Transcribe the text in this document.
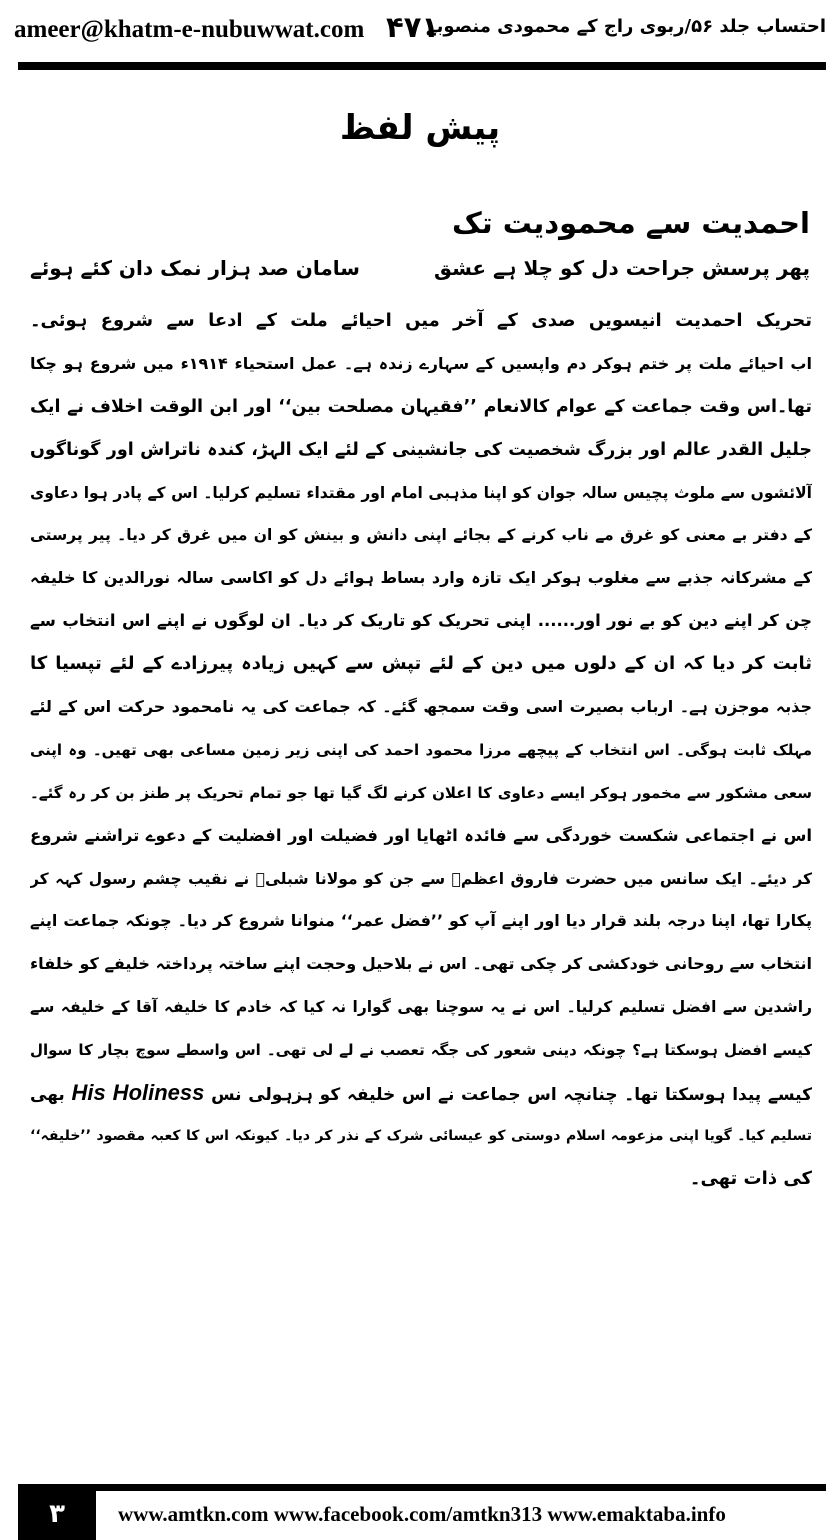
ameer@khatm-e-nubuwwat.com ۴۷۱
احتساب جلد ۵۶/ربوی راج کے محمودی منصوبے
پیش لفظ
احمدیت سے محمودیت تک
پھر پرسش جراحت دل کو چلا ہے عشق
سامان صد ہزار نمک دان کئے ہوئے
تحریک احمدیت انیسویں صدی کے آخر میں احیائے ملت کے ادعا سے شروع ہوئی۔
اب احیائے ملت پر ختم ہوکر دم واپسیں کے سہارے زندہ ہے۔ عمل استحیاء ۱۹۱۴ء میں شروع ہو چکا
تھا۔اس وقت جماعت کے عوام کالانعام ’’فقیہان مصلحت بین‘‘ اور ابن الوقت اخلاف نے ایک
جلیل القدر عالم اور بزرگ شخصیت کی جانشینی کے لئے ایک الہڑ، کندہ ناتراش اور گوناگوں
آلائشوں سے ملوث پچیس سالہ جوان کو اپنا مذہبی امام اور مقتداء تسلیم کرلیا۔ اس کے پادر ہوا دعاوی
کے دفتر بے معنی کو غرق مے ناب کرنے کے بجائے اپنی دانش و بینش کو ان میں غرق کر دیا۔ پیر پرستی
کے مشرکانہ جذبے سے مغلوب ہوکر ایک تازہ وارد بساط ہوائے دل کو اکاسی سالہ نورالدین کا خلیفہ
چن کر اپنے دین کو بے نور اور...... اپنی تحریک کو تاریک کر دیا۔ ان لوگوں نے اپنے اس انتخاب سے
ثابت کر دیا کہ ان کے دلوں میں دین کے لئے تپش سے کہیں زیادہ پیرزادے کے لئے تپسیا کا
جذبہ موجزن ہے۔ ارباب بصیرت اسی وقت سمجھ گئے۔ کہ جماعت کی یہ نامحمود حرکت اس کے لئے
مہلک ثابت ہوگی۔ اس انتخاب کے پیچھے مرزا محمود احمد کی اپنی زیر زمین مساعی بھی تھیں۔ وہ اپنی
سعی مشکور سے مخمور ہوکر ایسے دعاوی کا اعلان کرنے لگ گیا تھا جو تمام تحریک پر طنز بن کر رہ گئے۔
اس نے اجتماعی شکست خوردگی سے فائدہ اٹھایا اور فضیلت اور افضلیت کے دعوے تراشنے شروع
کر دیئے۔ ایک سانس میں حضرت فاروق اعظمؓ سے جن کو مولانا شبلیؒ نے نقیب چشم رسول کہہ کر
پکارا تھا، اپنا درجہ بلند قرار دیا اور اپنے آپ کو ’’فضل عمر‘‘ منوانا شروع کر دیا۔ چونکہ جماعت اپنے
انتخاب سے روحانی خودکشی کر چکی تھی۔ اس نے بلاحیل وحجت اپنے ساختہ پرداختہ خلیفے کو خلفاء
راشدین سے افضل تسلیم کرلیا۔ اس نے یہ سوچنا بھی گوارا نہ کیا کہ خادم کا خلیفہ آقا کے خلیفہ سے
کیسے افضل ہوسکتا ہے؟ چونکہ دینی شعور کی جگہ تعصب نے لے لی تھی۔ اس واسطے سوچ بچار کا سوال
کیسے پیدا ہوسکتا تھا۔ چنانچہ اس جماعت نے اس خلیفہ کو ہزہولی نس His Holiness بھی
تسلیم کیا۔ گویا اپنی مزعومہ اسلام دوستی کو عیسائی شرک کے نذر کر دیا۔ کیونکہ اس کا کعبہ مقصود ’’خلیفہ‘‘
کی ذات تھی۔
۳	www.amtkn.com www.facebook.com/amtkn313 www.emaktaba.info
